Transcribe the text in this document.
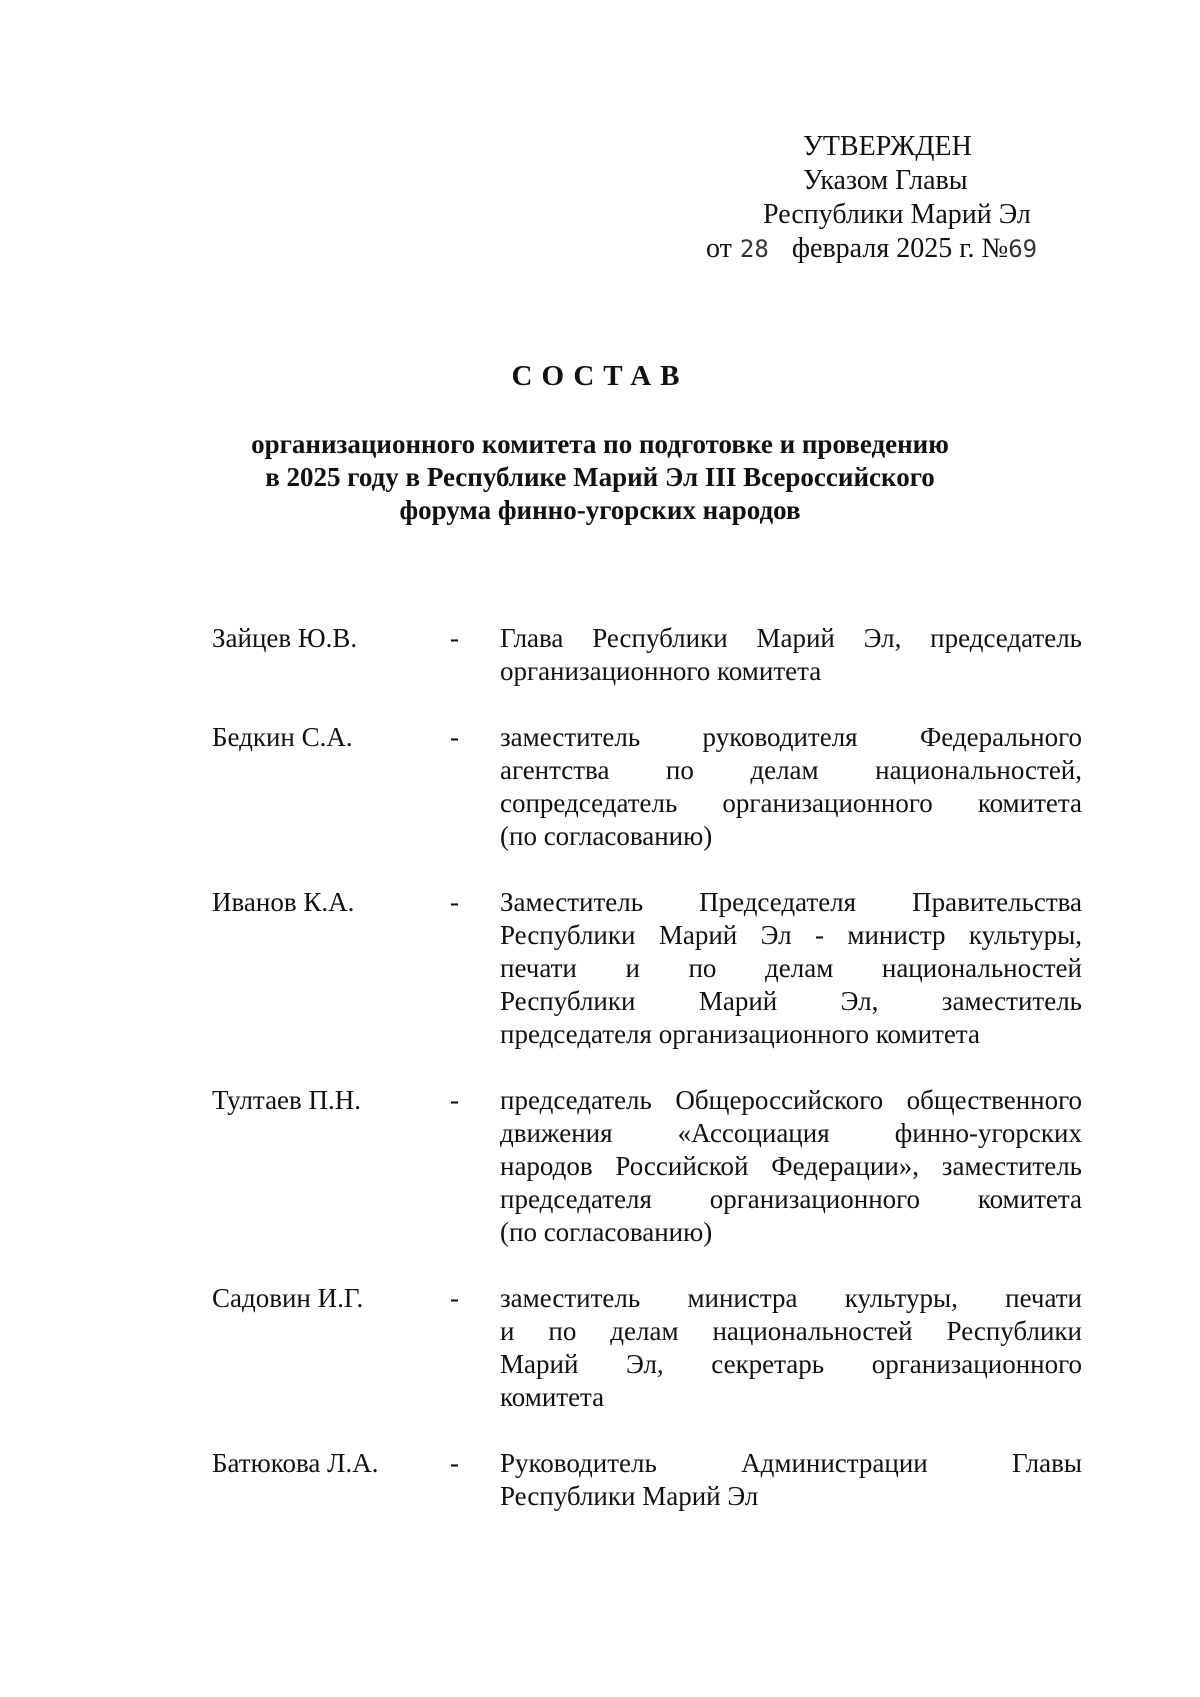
УТВЕРЖДЕН
Указом Главы
Республики Марий Эл
от 28 февраля 2025 г. №69
СОСТАВ
организационного комитета по подготовке и проведению
в 2025 году в Республике Марий Эл III Всероссийского
форума финно-угорских народов
Зайцев Ю.В.	-	Глава Республики Марий Эл, председатель
организационного комитета
Бедкин С.А.	-	заместитель руководителя Федерального
агентства по делам национальностей,
сопредседатель организационного комитета
(по согласованию)
Иванов К.А.	-	Заместитель Председателя Правительства
Республики Марий Эл - министр культуры,
печати и по делам национальностей
Республики Марий Эл, заместитель
председателя организационного комитета
Тултаев П.Н.	-	председатель Общероссийского общественного
движения «Ассоциация финно-угорских
народов Российской Федерации», заместитель
председателя организационного комитета
(по согласованию)
Садовин И.Г.	-	заместитель министра культуры, печати
и по делам национальностей Республики
Марий Эл, секретарь организационного
комитета
Батюкова Л.А.	-	Руководитель Администрации Главы
Республики Марий Эл
